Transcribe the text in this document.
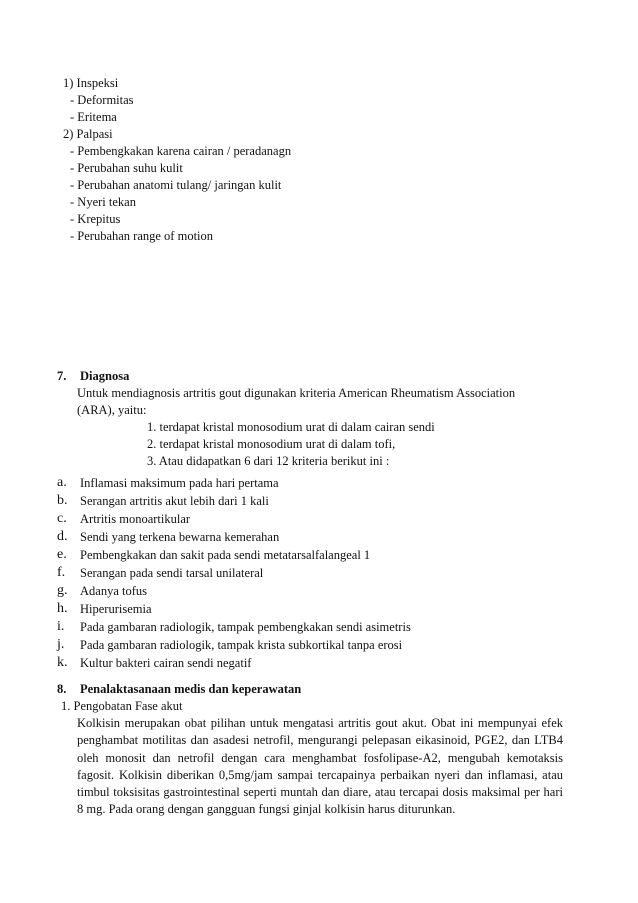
1) Inspeksi
- Deformitas
- Eritema
2) Palpasi
- Pembengkakan karena cairan / peradanagn
- Perubahan suhu kulit
- Perubahan anatomi tulang/ jaringan kulit
- Nyeri tekan
- Krepitus
- Perubahan range of motion
7. Diagnosa
Untuk mendiagnosis artritis gout digunakan kriteria American Rheumatism Association
(ARA), yaitu:
1. terdapat kristal monosodium urat di dalam cairan sendi
2. terdapat kristal monosodium urat di dalam tofi,
3. Atau didapatkan 6 dari 12 kriteria berikut ini :
a. Inflamasi maksimum pada hari pertama
b. Serangan artritis akut lebih dari 1 kali
c. Artritis monoartikular
d. Sendi yang terkena bewarna kemerahan
e. Pembengkakan dan sakit pada sendi metatarsalfalangeal 1
f. Serangan pada sendi tarsal unilateral
g. Adanya tofus
h. Hiperurisemia
i. Pada gambaran radiologik, tampak pembengkakan sendi asimetris
j. Pada gambaran radiologik, tampak krista subkortikal tanpa erosi
k. Kultur bakteri cairan sendi negatif
8. Penalaktasanaan medis dan keperawatan
1. Pengobatan Fase akut
Kolkisin merupakan obat pilihan untuk mengatasi artritis gout akut. Obat ini mempunyai efek penghambat motilitas dan asadesi netrofil, mengurangi pelepasan eikasinoid, PGE2, dan LTB4 oleh monosit dan netrofil dengan cara menghambat fosfolipase-A2, mengubah kemotaksis fagosit. Kolkisin diberikan 0,5mg/jam sampai tercapainya perbaikan nyeri dan inflamasi, atau timbul toksisitas gastrointestinal seperti muntah dan diare, atau tercapai dosis maksimal per hari 8 mg. Pada orang dengan gangguan fungsi ginjal kolkisin harus diturunkan.
